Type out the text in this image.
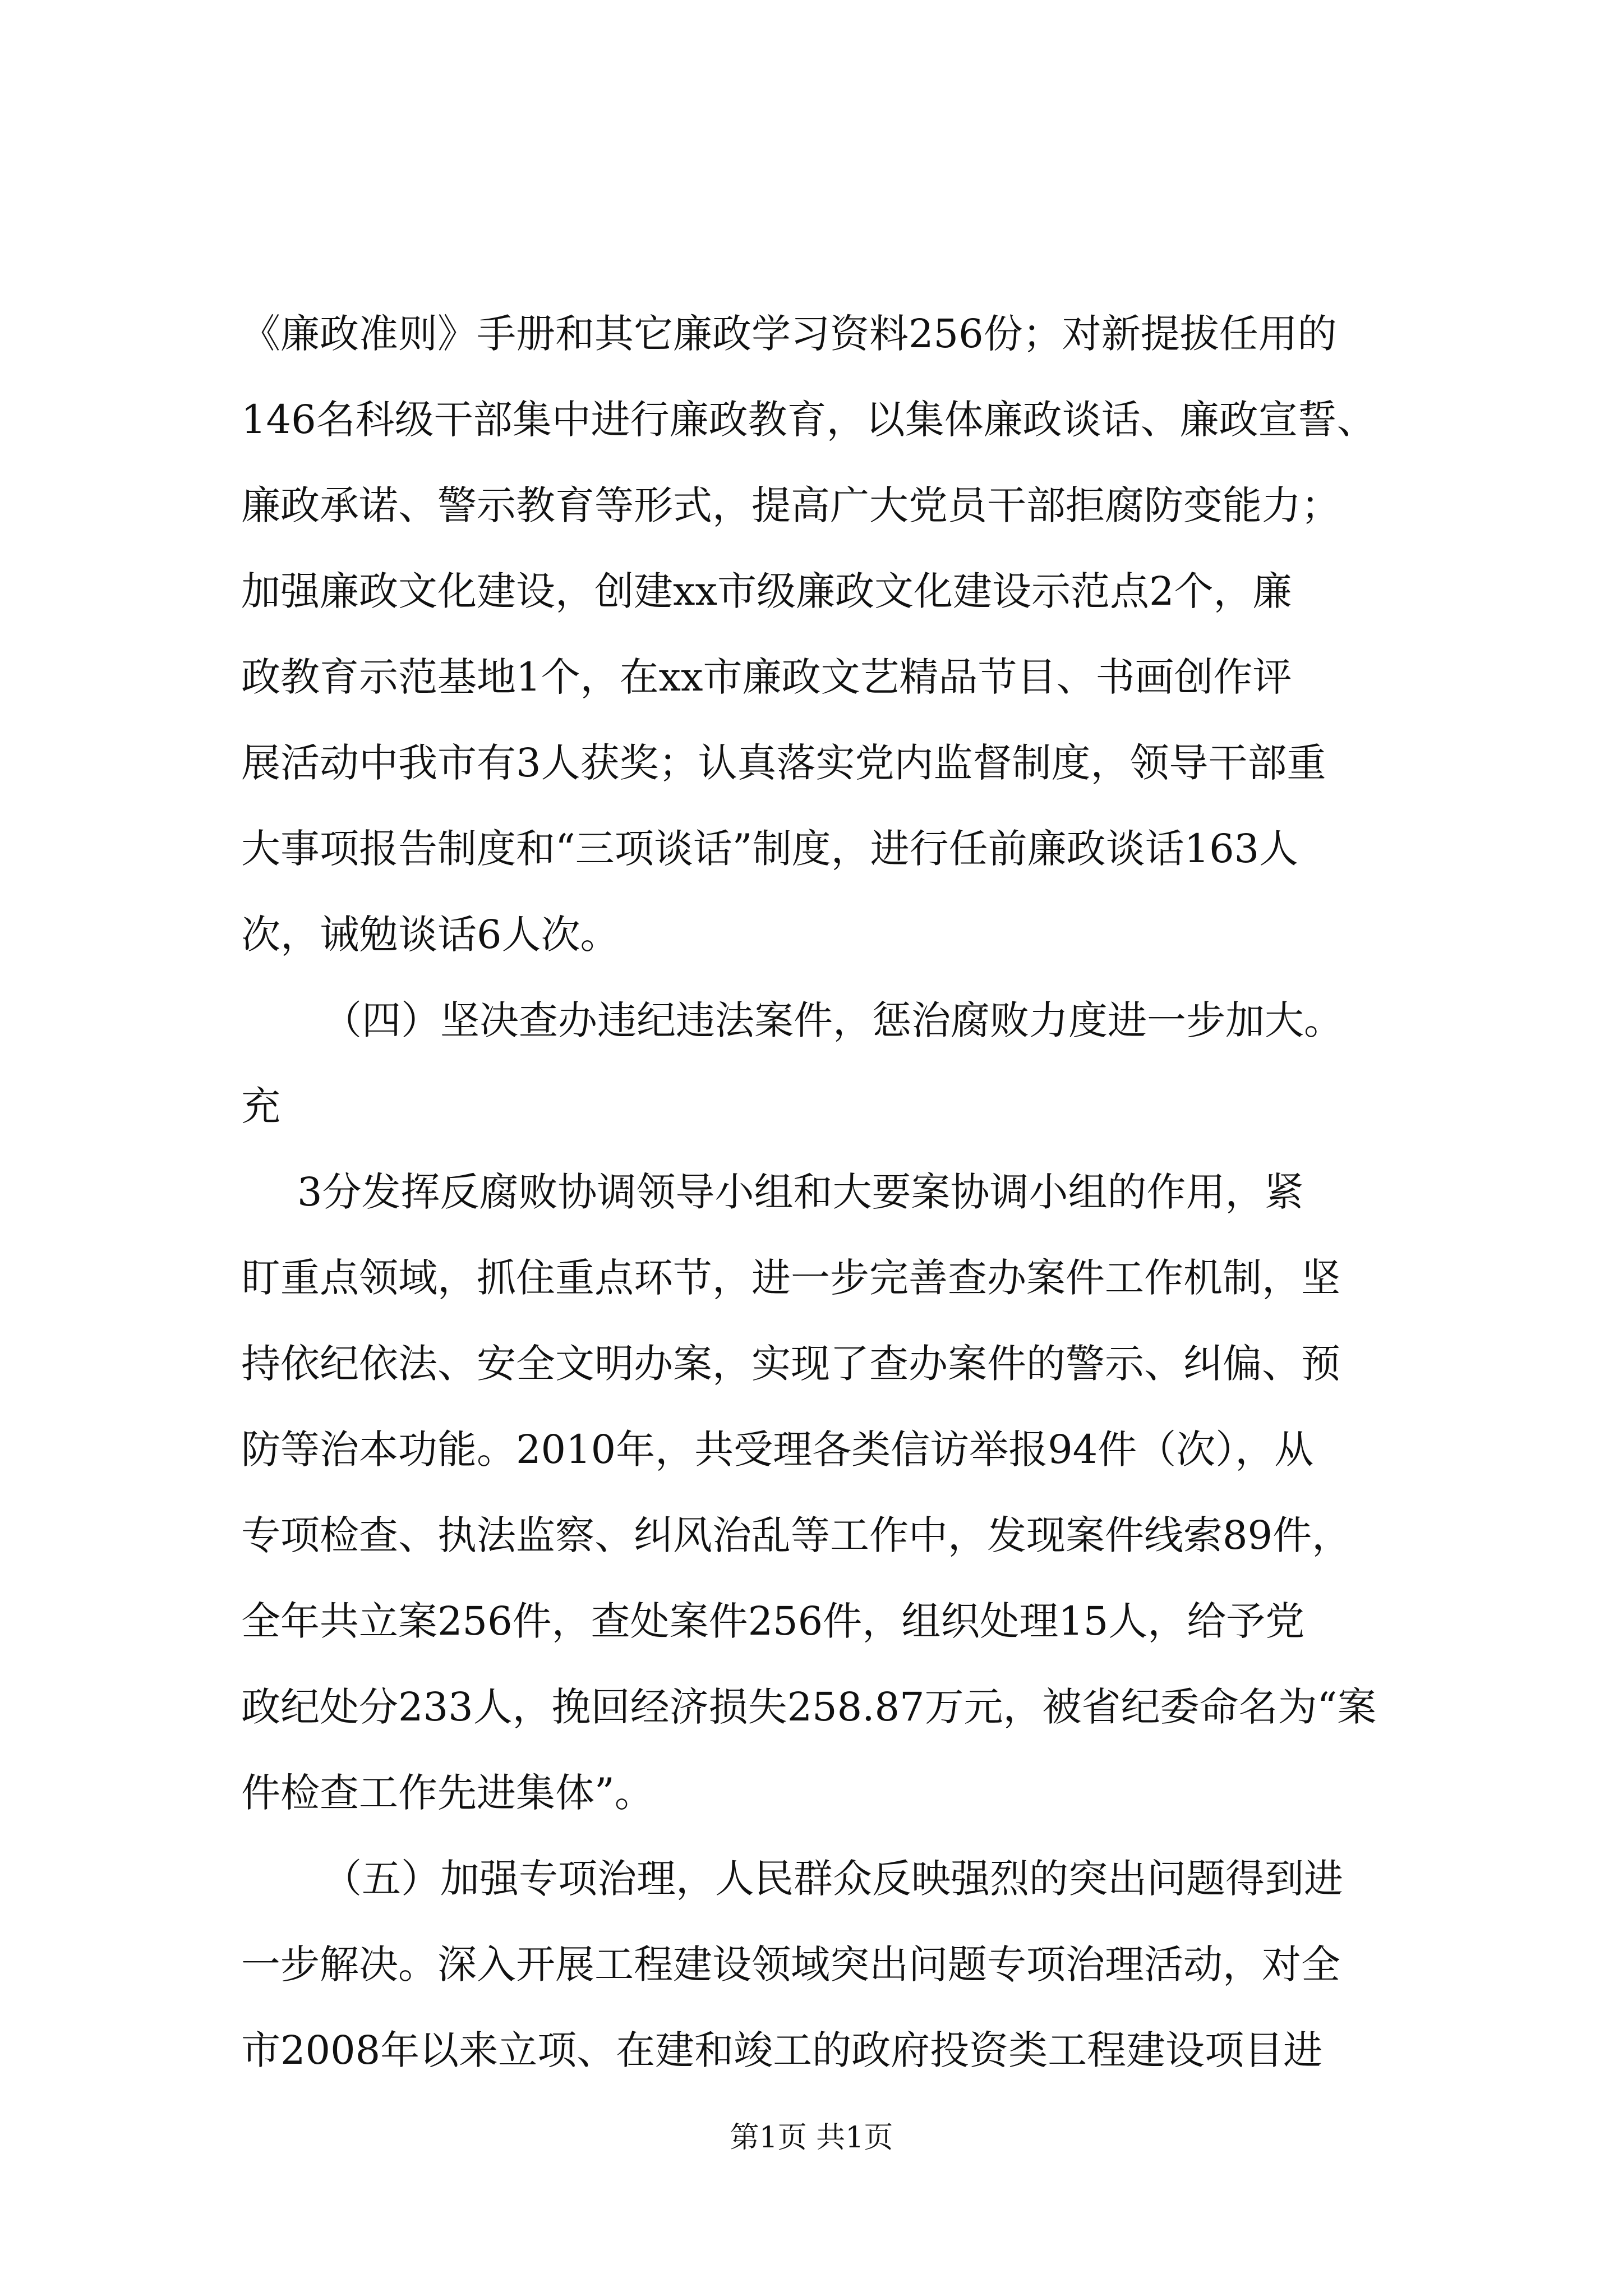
《廉政准则》手册和其它廉政学习资料256份；对新提拔任用的
146名科级干部集中进行廉政教育，以集体廉政谈话、廉政宣誓、
廉政承诺、警示教育等形式，提高广大党员干部拒腐防变能力；
加强廉政文化建设，创建xx市级廉政文化建设示范点2个，廉
政教育示范基地1个，在xx市廉政文艺精品节目、书画创作评
展活动中我市有3人获奖；认真落实党内监督制度，领导干部重
大事项报告制度和“三项谈话”制度，进行任前廉政谈话163人
次，诫勉谈话6人次。
（四）坚决查办违纪违法案件，惩治腐败力度进一步加大。
充
3分发挥反腐败协调领导小组和大要案协调小组的作用，紧
盯重点领域，抓住重点环节，进一步完善查办案件工作机制，坚
持依纪依法、安全文明办案，实现了查办案件的警示、纠偏、预
防等治本功能。2010年，共受理各类信访举报94件（次），从
专项检查、执法监察、纠风治乱等工作中，发现案件线索89件，
全年共立案256件，查处案件256件，组织处理15人，给予党
政纪处分233人，挽回经济损失258.87万元，被省纪委命名为“案
件检查工作先进集体”。
（五）加强专项治理，人民群众反映强烈的突出问题得到进
一步解决。深入开展工程建设领域突出问题专项治理活动，对全
市2008年以来立项、在建和竣工的政府投资类工程建设项目进
第1页 共1页
